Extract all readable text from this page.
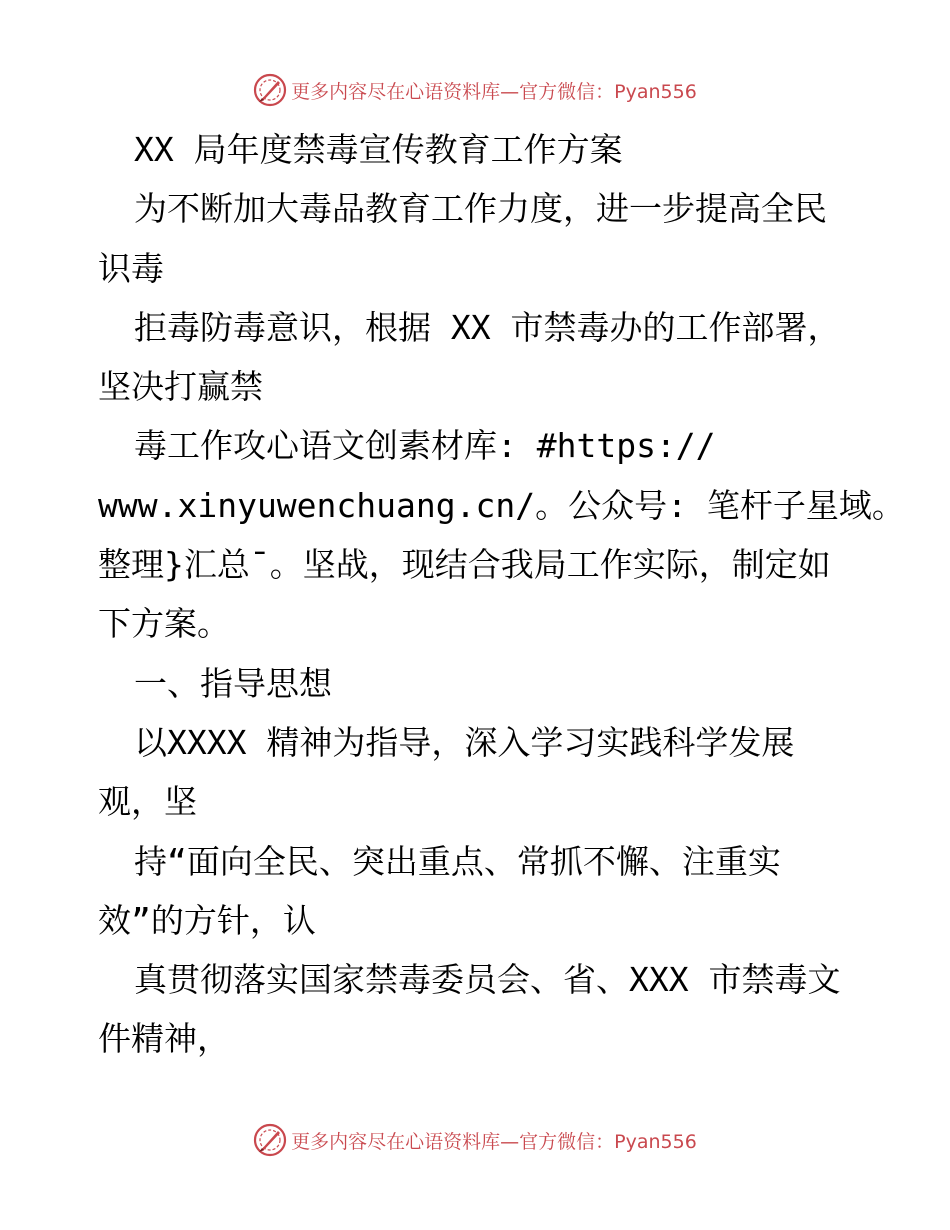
更多内容尽在心语资料库—官方微信：Pyan556
XX 局年度禁毒宣传教育工作方案
为不断加大毒品教育工作力度，进一步提高全民
识毒
拒毒防毒意识，根据 XX 市禁毒办的工作部署，
坚决打赢禁
毒工作攻心语文创素材库: #https://
www.xinyuwenchuang.cn/。公众号: 笔杆子星域。
整理}汇总¯。坚战，现结合我局工作实际，制定如
下方案。
一、指导思想
以XXXX 精神为指导，深入学习实践科学发展
观，坚
持“面向全民、突出重点、常抓不懈、注重实
效”的方针，认
真贯彻落实国家禁毒委员会、省、XXX 市禁毒文
件精神，
更多内容尽在心语资料库—官方微信：Pyan556
